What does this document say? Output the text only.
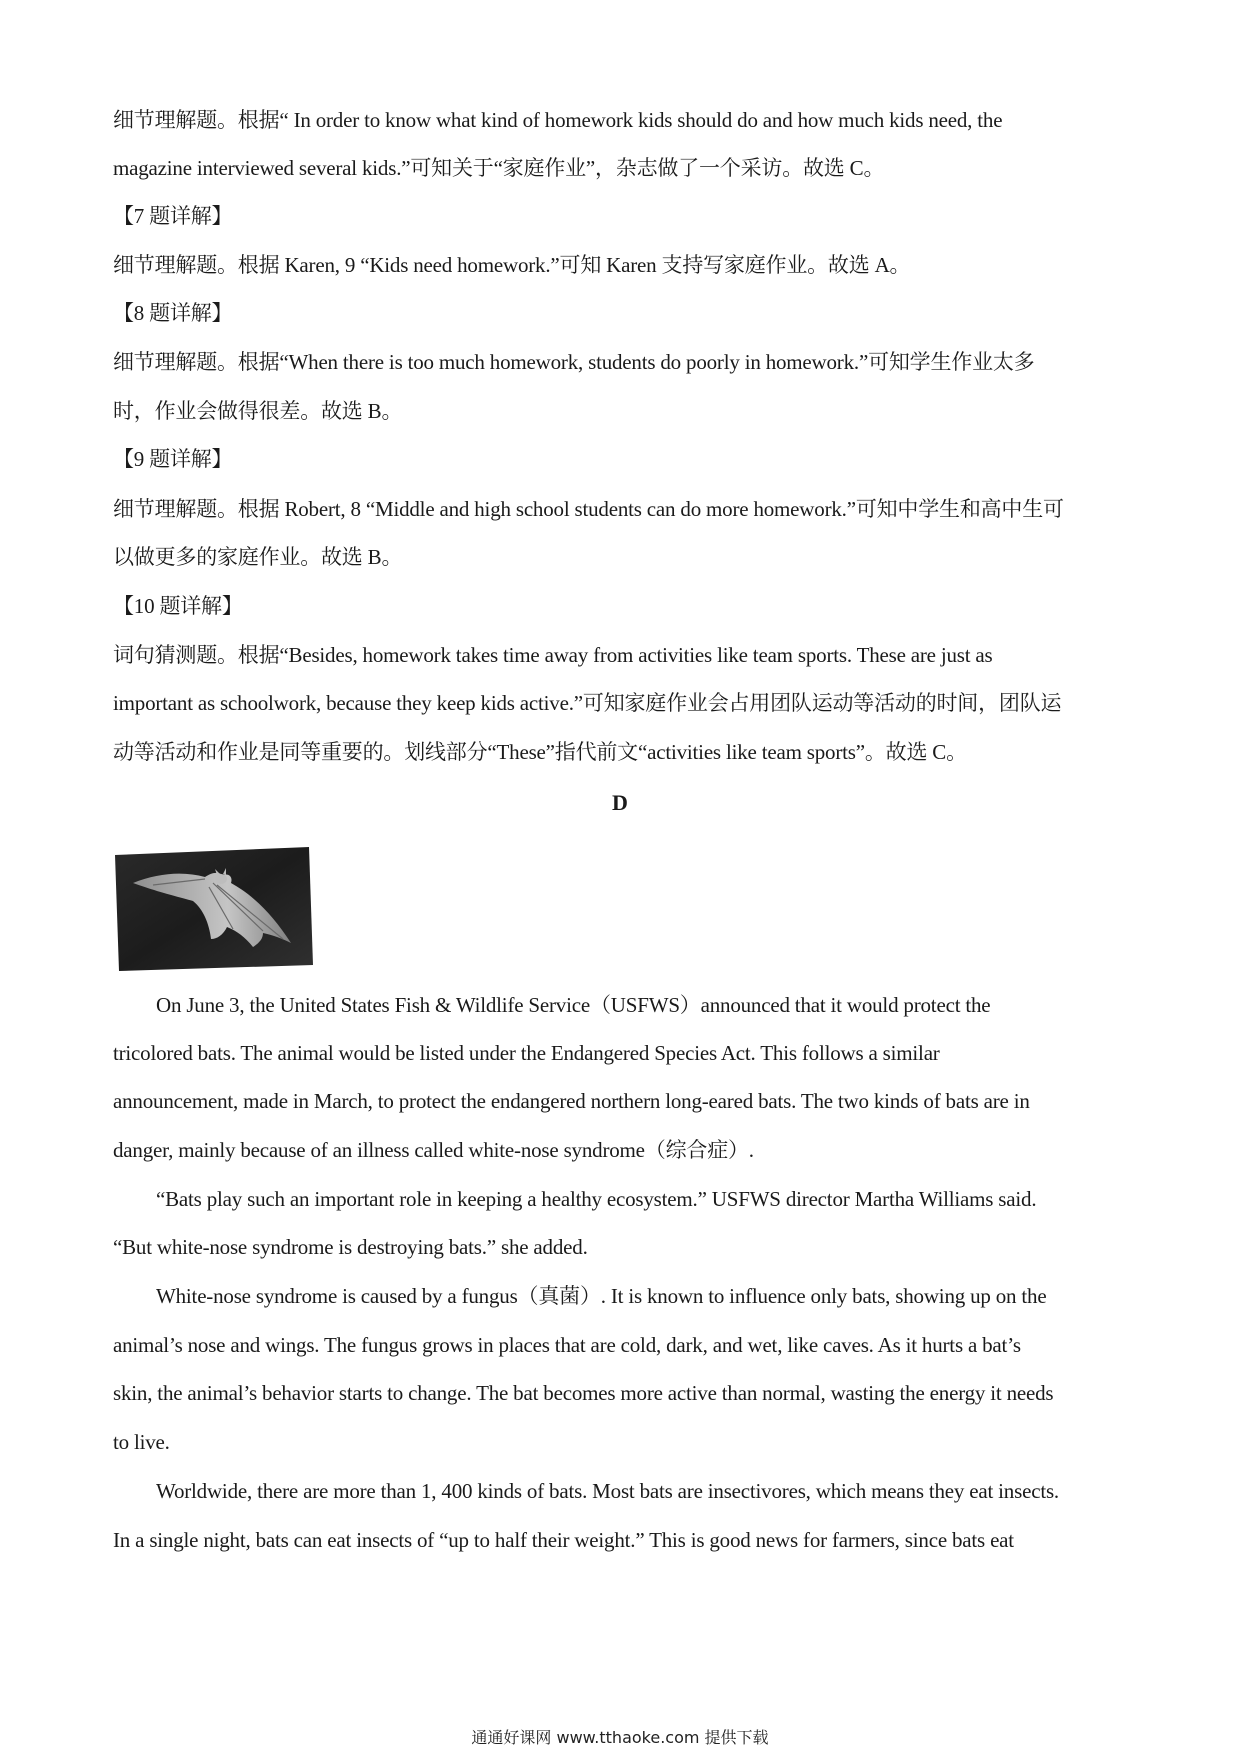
细节理解题。根据“ In order to know what kind of homework kids should do and how much kids need, the
magazine interviewed several kids.”可知关于“家庭作业”，杂志做了一个采访。故选 C。
【7 题详解】
细节理解题。根据 Karen, 9 “Kids need homework.”可知 Karen 支持写家庭作业。故选 A。
【8 题详解】
细节理解题。根据“When there is too much homework, students do poorly in homework.”可知学生作业太多
时，作业会做得很差。故选 B。
【9 题详解】
细节理解题。根据 Robert, 8 “Middle and high school students can do more homework.”可知中学生和高中生可
以做更多的家庭作业。故选 B。
【10 题详解】
词句猜测题。根据“Besides, homework takes time away from activities like team sports. These are just as
important as schoolwork, because they keep kids active.”可知家庭作业会占用团队运动等活动的时间，团队运
动等活动和作业是同等重要的。划线部分“These”指代前文“activities like team sports”。故选 C。
D
On June 3, the United States Fish & Wildlife Service（USFWS）announced that it would protect the
tricolored bats. The animal would be listed under the Endangered Species Act. This follows a similar
announcement, made in March, to protect the endangered northern long-eared bats. The two kinds of bats are in
danger, mainly because of an illness called white-nose syndrome（综合症）.
“Bats play such an important role in keeping a healthy ecosystem.” USFWS director Martha Williams said.
“But white-nose syndrome is destroying bats.” she added.
White-nose syndrome is caused by a fungus（真菌）. It is known to influence only bats, showing up on the
animal’s nose and wings. The fungus grows in places that are cold, dark, and wet, like caves. As it hurts a bat’s
skin, the animal’s behavior starts to change. The bat becomes more active than normal, wasting the energy it needs
to live.
Worldwide, there are more than 1, 400 kinds of bats. Most bats are insectivores, which means they eat insects.
In a single night, bats can eat insects of “up to half their weight.” This is good news for farmers, since bats eat
通通好课网 www.tthaoke.com 提供下载
